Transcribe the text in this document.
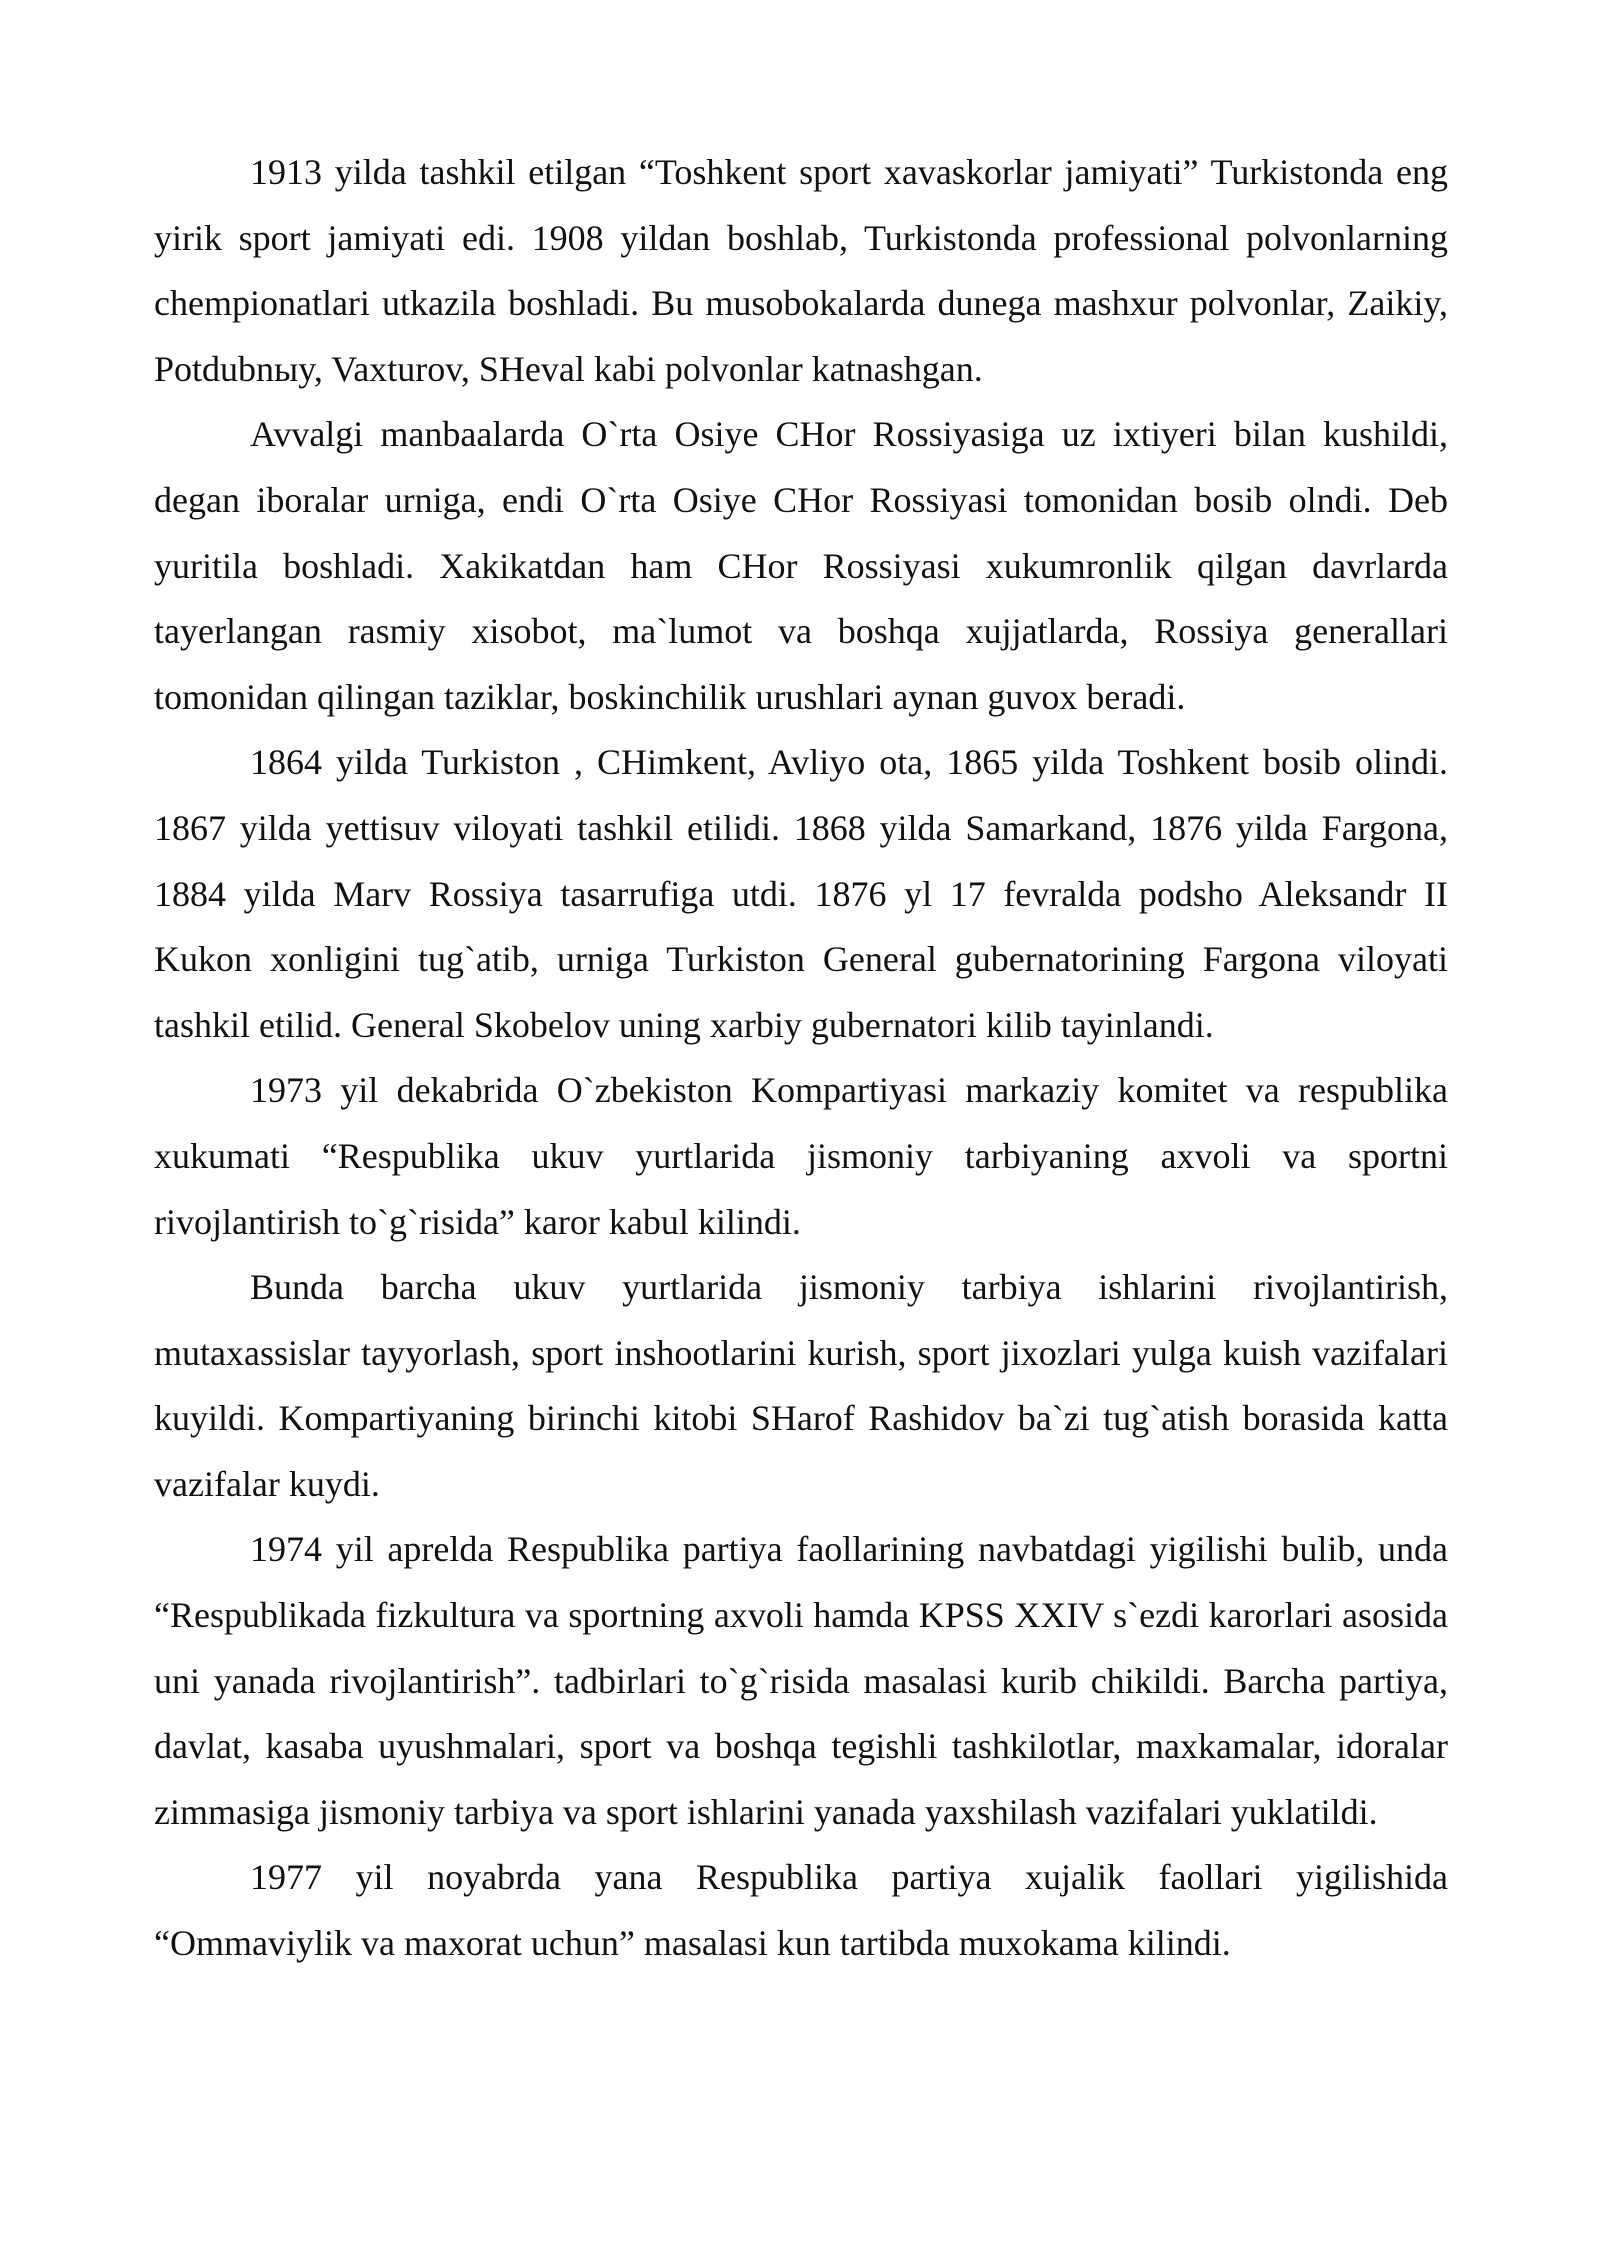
1913 yilda tashkil etilgan “Toshkent sport xavaskorlar jamiyati” Turkistonda eng yirik sport jamiyati edi. 1908 yildan boshlab, Turkistonda professional polvonlarning chempionatlari utkazila boshladi. Bu musobokalarda dunega mashxur polvonlar, Zaikiy, Potdubnыy, Vaxturov, SHeval kabi polvonlar katnashgan.

Avvalgi manbaalarda O`rta Osiye CHor Rossiyasiga uz ixtiyeri bilan kushildi, degan iboralar urniga, endi O`rta Osiye CHor Rossiyasi tomonidan bosib olndi. Deb yuritila boshladi. Xakikatdan ham CHor Rossiyasi xukumronlik qilgan davrlarda tayerlangan rasmiy xisobot, ma`lumot va boshqa xujjatlarda, Rossiya generallari tomonidan qilingan taziklar, boskinchilik urushlari aynan guvox beradi.

1864 yilda Turkiston , CHimkent, Avliyo ota, 1865 yilda Toshkent bosib olindi. 1867 yilda yettisuv viloyati tashkil etilidi. 1868 yilda Samarkand, 1876 yilda Fargona, 1884 yilda Marv Rossiya tasarrufiga utdi. 1876 yl 17 fevralda podsho Aleksandr II Kukon xonligini tug`atib, urniga Turkiston General gubernatorining Fargona viloyati tashkil etilid. General Skobelov uning xarbiy gubernatori kilib tayinlandi.

1973 yil dekabrida O`zbekiston Kompartiyasi markaziy komitet va respublika xukumati “Respublika ukuv yurtlarida jismoniy tarbiyaning axvoli va sportni rivojlantirish to`g`risida” karor kabul kilindi.

Bunda barcha ukuv yurtlarida jismoniy tarbiya ishlarini rivojlantirish, mutaxassislar tayyorlash, sport inshootlarini kurish, sport jixozlari yulga kuish vazifalari kuyildi. Kompartiyaning birinchi kitobi SHarof Rashidov ba`zi tug`atish borasida katta vazifalar kuydi.

1974 yil aprelda Respublika partiya faollarining navbatdagi yigilishi bulib, unda “Respublikada fizkultura va sportning axvoli hamda KPSS XXIV s`ezdi karorlari asosida uni yanada rivojlantirish”. tadbirlari to`g`risida masalasi kurib chikildi. Barcha partiya, davlat, kasaba uyushmalari, sport va boshqa tegishli tashkilotlar, maxkamalar, idoralar zimmasiga jismoniy tarbiya va sport ishlarini yanada yaxshilash vazifalari yuklatildi.

1977 yil noyabrda yana Respublika partiya xujalik faollari yigilishida “Ommaviylik va maxorat uchun” masalasi kun tartibda muxokama kilindi.
